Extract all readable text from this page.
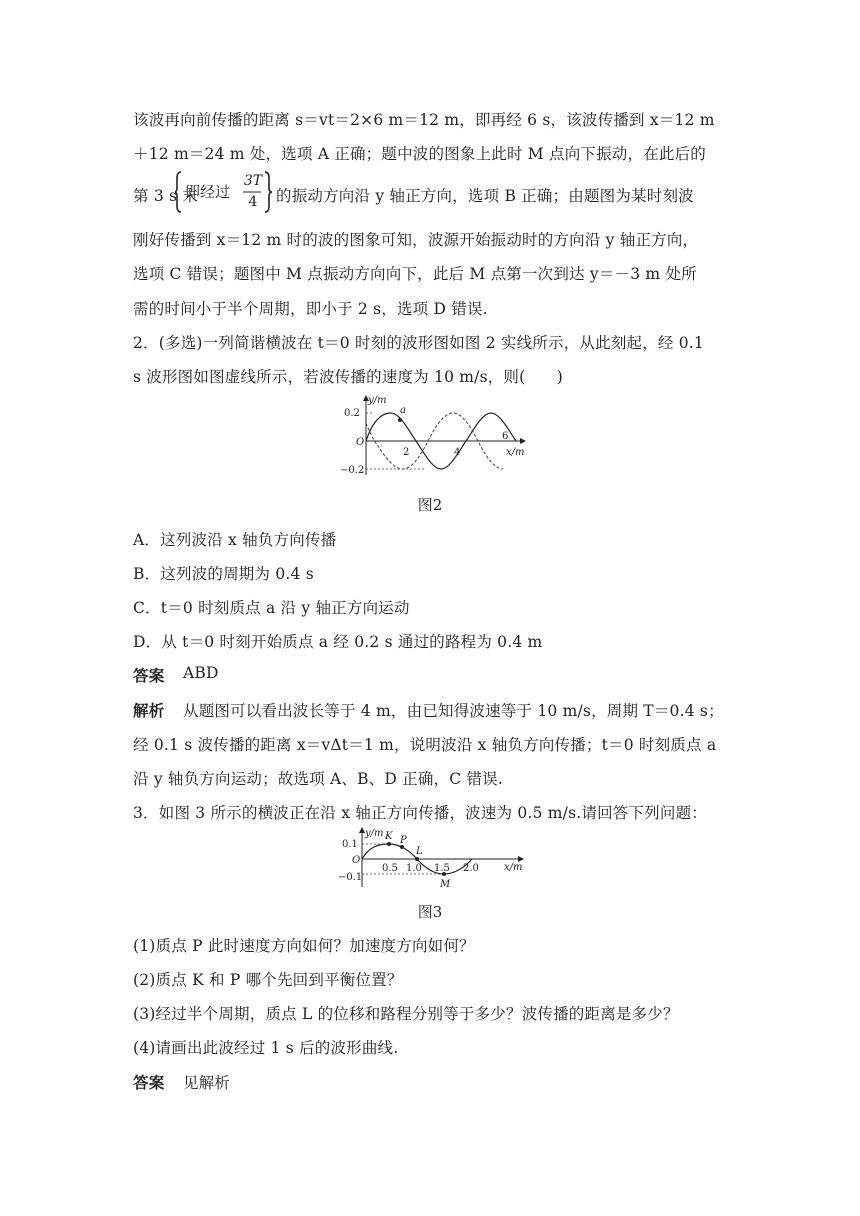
该波再向前传播的距离 s＝vt＝2×6 m＝12 m，即再经 6 s，该波传播到 x＝12 m
＋12 m＝24 m 处，选项 A 正确；题中波的图象上此时 M 点向下振动，在此后的
第 3 s 末
即经过
3T
4	的振动方向沿 y 轴正方向，选项 B 正确；由题图为某时刻波
刚好传播到 x＝12 m 时的波的图象可知，波源开始振动时的方向沿 y 轴正方向，
选项 C 错误；题图中 M 点振动方向向下，此后 M 点第一次到达 y＝－3 m 处所
需的时间小于半个周期，即小于 2 s，选项 D 错误.
2．(多选)一列简谐横波在 t＝0 时刻的波形图如图 2 实线所示，从此刻起，经 0.1
s 波形图如图虚线所示，若波传播的速度为 10 m/s，则(　　)
y/m
x/m
O
0.2
−0.2
2	4
6
a
图2
A．这列波沿 x 轴负方向传播
B．这列波的周期为 0.4 s
C．t＝0 时刻质点 a 沿 y 轴正方向运动
D．从 t＝0 时刻开始质点 a 经 0.2 s 通过的路程为 0.4 m
答案 ABD
解析 从题图可以看出波长等于 4 m，由已知得波速等于 10 m/s，周期 T＝0.4 s；
经 0.1 s 波传播的距离 x＝vΔt＝1 m，说明波沿 x 轴负方向传播；t＝0 时刻质点 a
沿 y 轴负方向运动；故选项 A、B、D 正确，C 错误.
3．如图 3 所示的横波正在沿 x 轴正方向传播，波速为 0.5 m/s.请回答下列问题：
y/m
x/m
O
0.1
−0.1
0.5 1.0 1.5 2.0
K P
L
M
图3
(1)质点 P 此时速度方向如何？加速度方向如何？
(2)质点 K 和 P 哪个先回到平衡位置？
(3)经过半个周期，质点 L 的位移和路程分别等于多少？波传播的距离是多少？
(4)请画出此波经过 1 s 后的波形曲线.
答案 见解析
